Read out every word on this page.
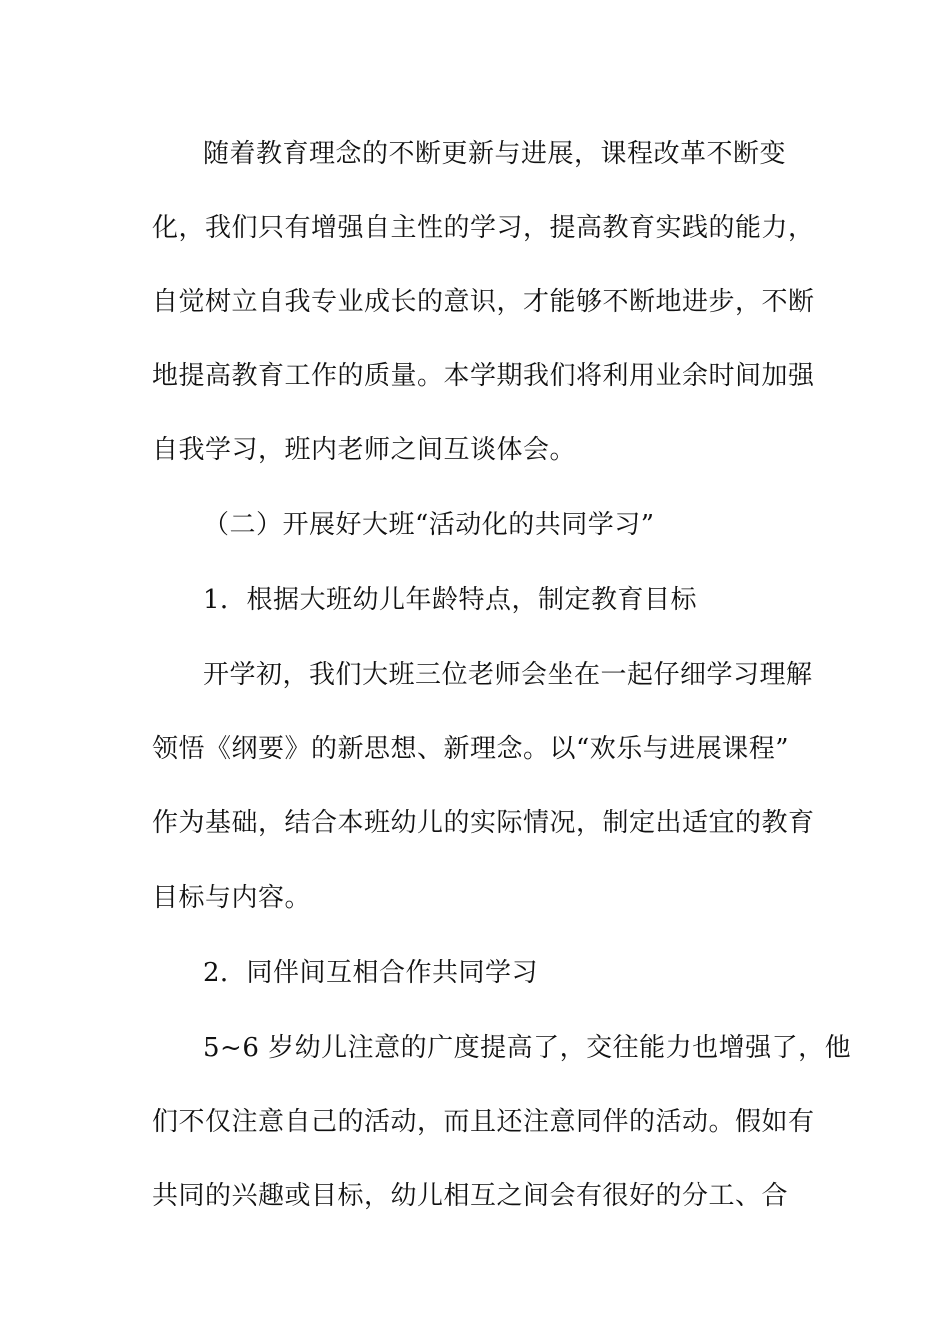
随着教育理念的不断更新与进展，课程改革不断变
化，我们只有增强自主性的学习，提高教育实践的能力，
自觉树立自我专业成长的意识，才能够不断地进步，不断
地提高教育工作的质量。本学期我们将利用业余时间加强
自我学习，班内老师之间互谈体会。
（二）开展好大班“活动化的共同学习”
1．根据大班幼儿年龄特点，制定教育目标
开学初，我们大班三位老师会坐在一起仔细学习理解
领悟《纲要》的新思想、新理念。以“欢乐与进展课程”
作为基础，结合本班幼儿的实际情况，制定出适宜的教育
目标与内容。
2．同伴间互相合作共同学习
5~6 岁幼儿注意的广度提高了，交往能力也增强了，他
们不仅注意自己的活动，而且还注意同伴的活动。假如有
共同的兴趣或目标，幼儿相互之间会有很好的分工、合
